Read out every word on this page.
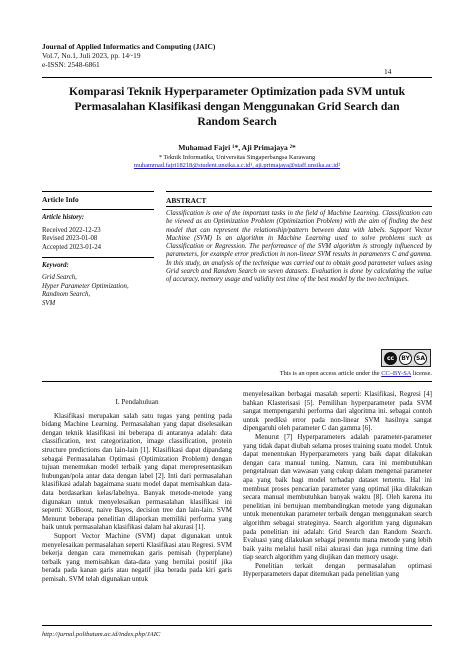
Journal of Applied Informatics and Computing (JAIC)
Vol.7, No.1, Juli 2023, pp. 14~19
e-ISSN: 2548-6861
14
Komparasi Teknik Hyperparameter Optimization pada SVM untuk
Permasalahan Klasifikasi dengan Menggunakan Grid Search dan
Random Search
Muhamad Fajri ¹*, Aji Primajaya ²*
* Teknik Informatika, Universitas Singaperbangsa Karawang
muhammad.fajri18218@student.unsika.a.c.id¹, aji.primajaya@staff.unsika.ac.id²
Article Info
Article history:
Received 2022-12-23
Revised 2023-01-08
Accepted 2023-01-24
Keyword:
Grid Search,
Hyper Parameter Optimization,
Randnom Search,
SVM
ABSTRACT
Classification is one of the important tasks in the field of Machine Learning. Classification can be viewed as an Optimization Problem (Optimization Problem) with the aim of finding the best model that can represent the relationship/pattern between data with labels. Support Vector Machine (SVM) Is an algorithm in Machine Learning used to solve problems such as Classification or Regression. The performance of the SVM algorithm is strongly influenced by parameters, for example error prediction in non-linear SVM results in parameters C and gamma. In this study, an analysis of the technique was carried out to obtain good parameter values using Grid search and Random Search on seven datasets. Evaluation is done by calculating the value of accuracy, memory usage and validity test time of the best model by the two techniques.
cc	BY	SA
This is an open access article under the CC–BY-SA license.
I. Pendahuluan

Klasifikasi merupakan salah satu tugas yang penting pada bidang Machine Learning. Permasalahan yang dapat diselesaikan dengan teknik klasifikasi ini beberapa di antaranya adalah: data classification, text categorization, image classification, protein structure predictions dan lain-lain [1]. Klasifikasi dapat dipandang sebagai Permasalahan Optimasi (Optimization Problem) dengan tujuan menemukan model terbaik yang dapat merepresentasikan hubungan/pola antar data dengan label [2]. Inti dari permasalahan klasifikasi adalah bagaimana suatu model dapat memisahkan data-data berdasarkan kelas/labelnya. Banyak metode-metode yang digunakan untuk menyelesaikan permasalahan klasifikasi ini seperti: XGBoost, naive Bayes, decision tree dan lain-lain. SVM Menurut beberapa penelitian dilaporkan memiliki performa yang baik untuk permasalahan klasifikasi dalam hal akurasi [1].

Support Vector Machine (SVM) dapat digunakan untuk menyelesaikan permasalahan seperti Klasifikasi atau Regresi. SVM bekerja dengan cara menemukan garis pemisah (hyperplane) terbaik yang memisahkan data-data yang bernilai positif jika berada pada kanan garis atau negatif jika berada pada kiri garis pemisah. SVM telah digunakan untuk

menyelesaikan berbagai masalah seperti: Klasifikasi, Regresi [4] bahkan Klasterisasi [5]. Pemilihan hyperparameter pada SVM sangat mempengaruhi performa dari algoritma ini. sebagai contoh untuk prediksi error pada non-linear SVM hasilnya sangat dipengaruhi oleh parameter C dan gamma [6].

Menurut [7] Hyperparameters adalah parameter-parameter yang tidak dapat diubah selama proses training suatu model. Untuk dapat menentukan Hyperparameters yang baik dapat dilakukan dengan cara manual tuning. Namun, cara ini membutuhkan pengetahuan dan wawasan yang cukup dalam mengenai parameter apa yang baik bagi model terhadap dataset tertentu. Hal ini membuat proses pencarian parameter yang optimal jika dilakukan secara manual membutuhkan banyak waktu [8]. Oleh karena itu penelitian ini bertujuan membandingkan metode yang digunakan untuk menentukan parameter terbaik dengan menggunakan search algorithm sebagai strateginya. Search algorithm yang digunakan pada penelitian ini adalah: Grid Search dan Random Search. Evaluasi yang dilakukan sebagai penentu mana metode yang lebih baik yaitu melalui hasil nilai akurasi dan juga running time dari tiap search algorithm yang diujikan dan memory usage.

Penelitian terkait dengan permasalahan optimasi Hyperparameters dapat ditemukan pada penelitian yang

http://jurnal.polibatam.ac.id/index.php/JAIC
